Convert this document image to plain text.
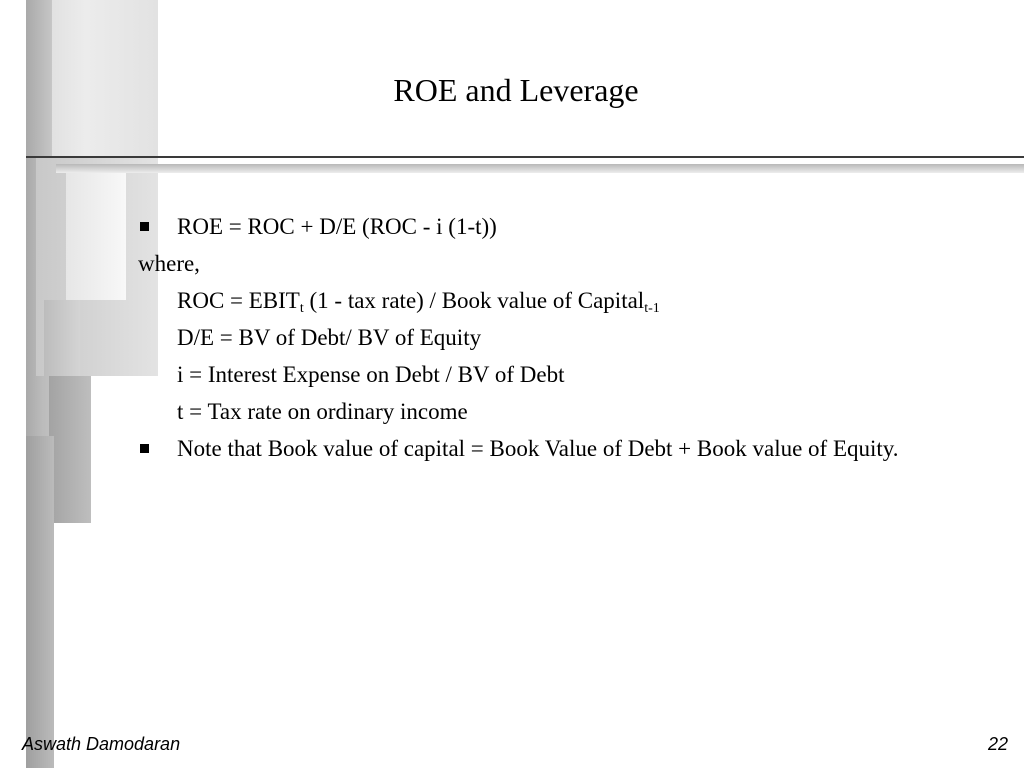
ROE and Leverage
ROE = ROC + D/E (ROC - i (1-t))
where,
ROC = $EBIT_t$ (1 - tax rate) / Book value of Capital$_{t-1}$
D/E = BV of Debt/ BV of Equity
i = Interest Expense on Debt / BV of Debt
t = Tax rate on ordinary income
Note that Book value of capital = Book Value of Debt + Book value of Equity.
Aswath Damodaran	22
